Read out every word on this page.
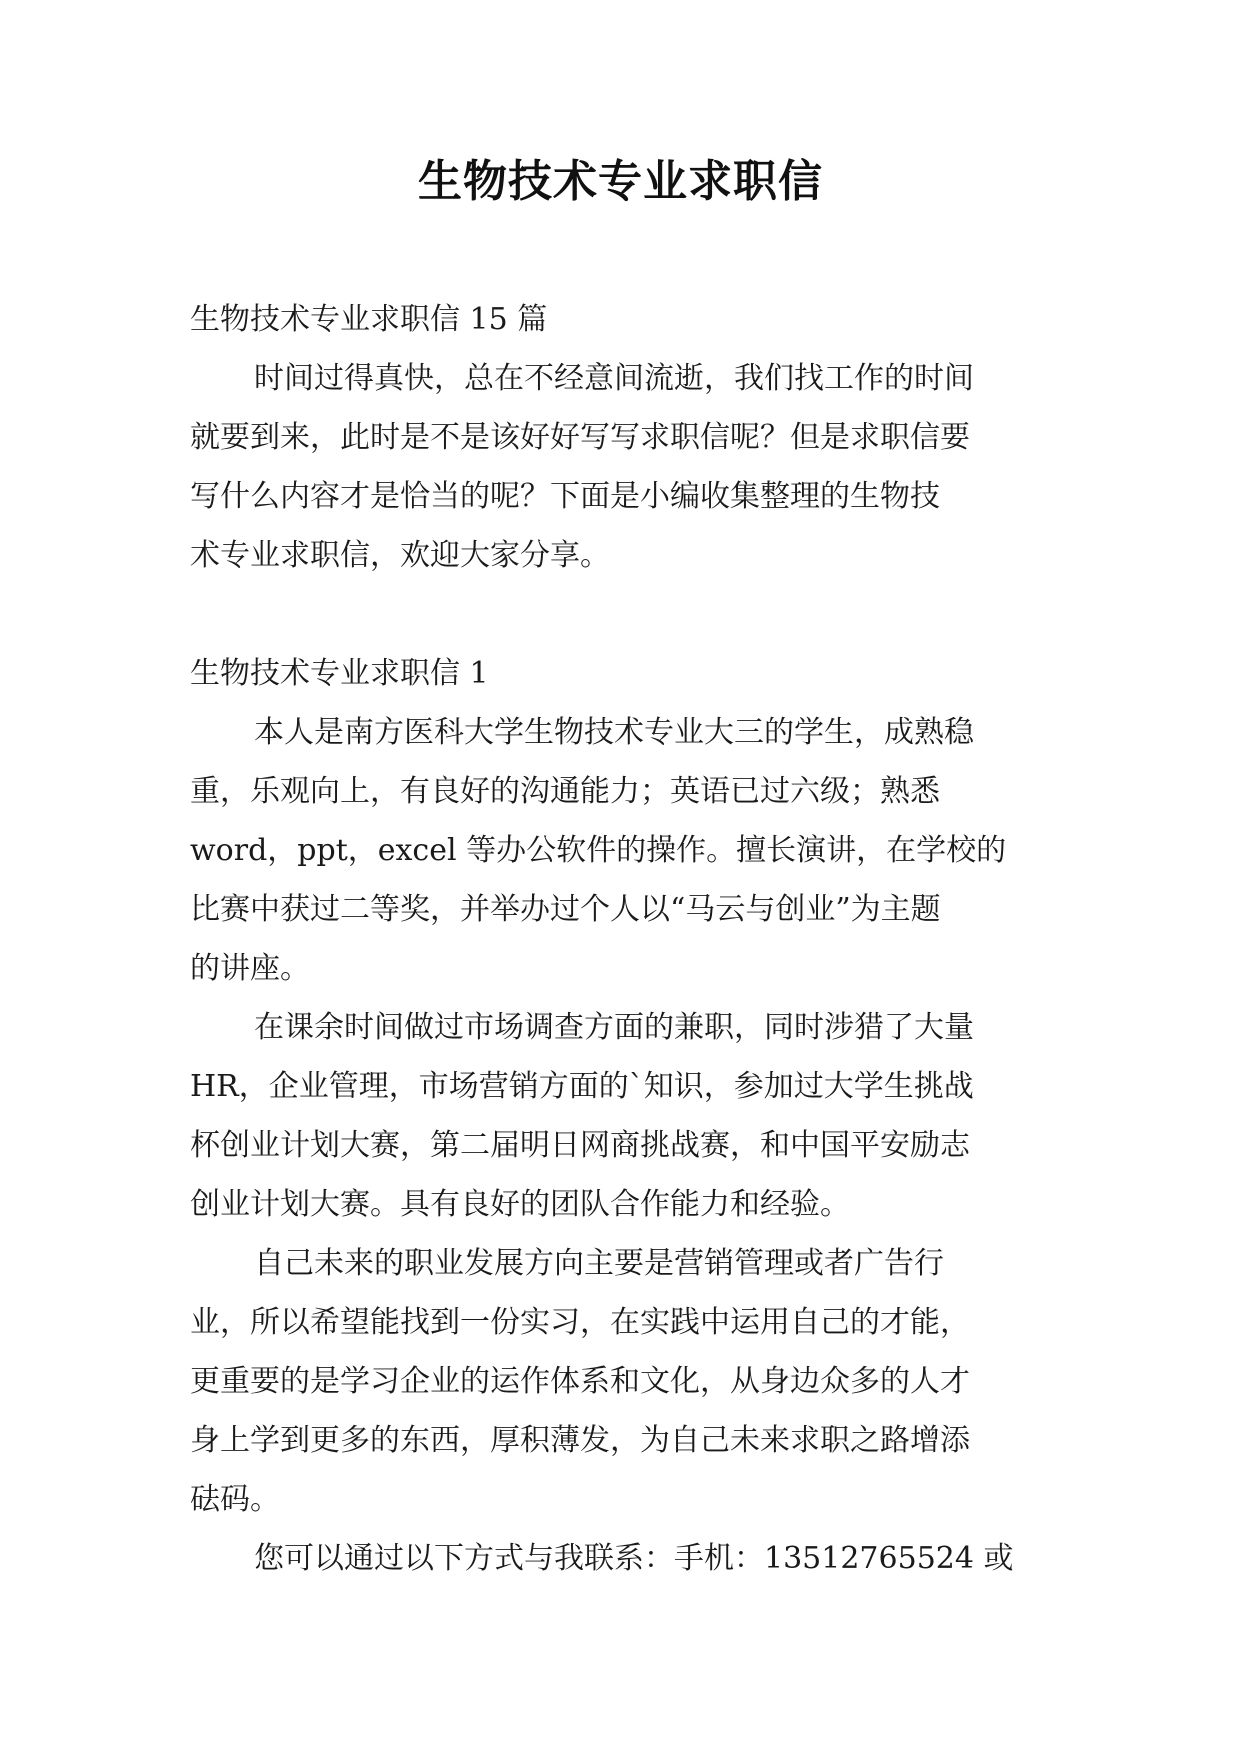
生物技术专业求职信
生物技术专业求职信 15 篇
时间过得真快，总在不经意间流逝，我们找工作的时间
就要到来，此时是不是该好好写写求职信呢？但是求职信要
写什么内容才是恰当的呢？下面是小编收集整理的生物技
术专业求职信，欢迎大家分享。
生物技术专业求职信 1
本人是南方医科大学生物技术专业大三的学生，成熟稳
重，乐观向上，有良好的沟通能力；英语已过六级；熟悉
word，ppt，excel 等办公软件的操作。擅长演讲，在学校的
比赛中获过二等奖，并举办过个人以“马云与创业”为主题
的讲座。
在课余时间做过市场调查方面的兼职，同时涉猎了大量
HR，企业管理，市场营销方面的`知识，参加过大学生挑战
杯创业计划大赛，第二届明日网商挑战赛，和中国平安励志
创业计划大赛。具有良好的团队合作能力和经验。
自己未来的职业发展方向主要是营销管理或者广告行
业，所以希望能找到一份实习，在实践中运用自己的才能，
更重要的是学习企业的运作体系和文化，从身边众多的人才
身上学到更多的东西，厚积薄发，为自己未来求职之路增添
砝码。
您可以通过以下方式与我联系：手机：13512765524 或
